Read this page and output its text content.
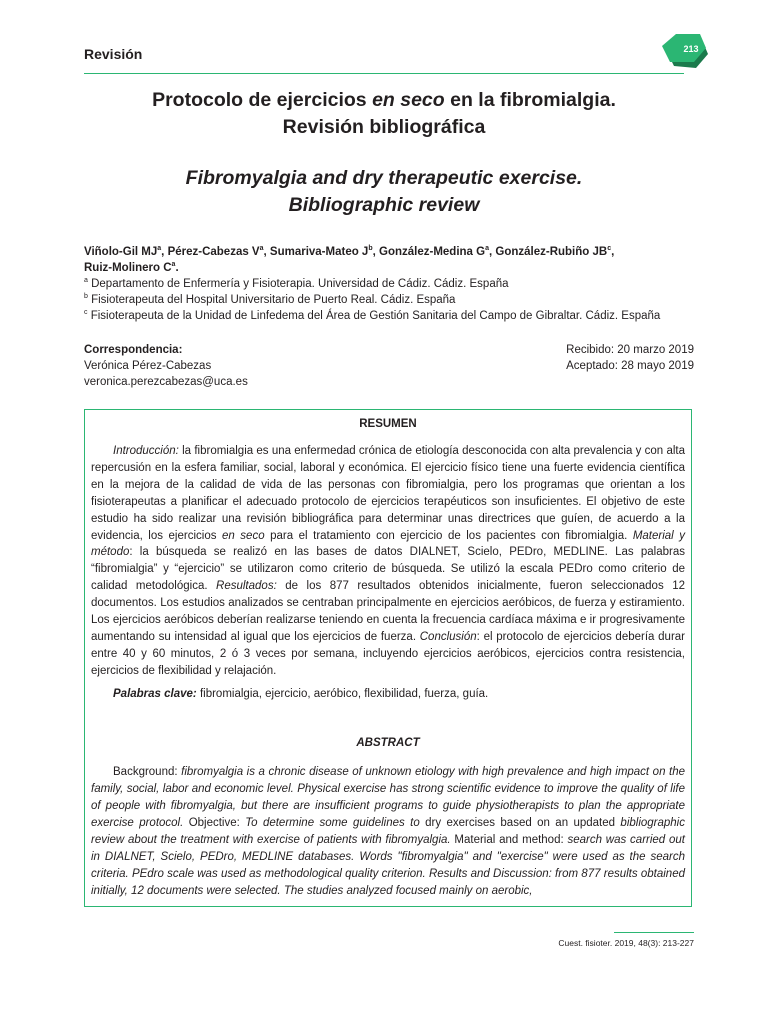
Revisión	213
Protocolo de ejercicios en seco en la fibromialgia.
Revisión bibliográfica
Fibromyalgia and dry therapeutic exercise.
Bibliographic review
Viñolo-Gil $MJ^a$, Pérez-Cabezas $V^a$, Sumariva-Mateo $J^b$, González-Medina $G^a$, González-Rubiño $JB^c$,
Ruiz-Molinero $C^a$.
$^a$ Departamento de Enfermería y Fisioterapia. Universidad de Cádiz. Cádiz. España
$^b$ Fisioterapeuta del Hospital Universitario de Puerto Real. Cádiz. España
$^c$ Fisioterapeuta de la Unidad de Linfedema del Área de Gestión Sanitaria del Campo de Gibraltar. Cádiz. España
Correspondencia:
Verónica Pérez-Cabezas
veronica.perezcabezas@uca.es
Recibido: 20 marzo 2019
Aceptado: 28 mayo 2019
RESUMEN

Introducción: la fibromialgia es una enfermedad crónica de etiología desconocida con alta prevalencia y con alta repercusión en la esfera familiar, social, laboral y económica. El ejercicio físico tiene una fuerte evidencia científica en la mejora de la calidad de vida de las personas con fibromialgia, pero los programas que orientan a los fisioterapeutas a planificar el adecuado protocolo de ejercicios terapéuticos son insuficientes. El objetivo de este estudio ha sido realizar una revisión bibliográfica para determinar unas directrices que guíen, de acuerdo a la evidencia, los ejercicios en seco para el tratamiento con ejercicio de los pacientes con fibromialgia. Material y método: la búsqueda se realizó en las bases de datos DIALNET, Scielo, PEDro, MEDLINE. Las palabras “fibromialgia” y “ejercicio” se utilizaron como criterio de búsqueda. Se utilizó la escala PEDro como criterio de calidad metodológica. Resultados: de los 877 resultados obtenidos inicialmente, fueron seleccionados 12 documentos. Los estudios analizados se centraban principalmente en ejercicios aeróbicos, de fuerza y estiramiento. Los ejercicios aeróbicos deberían realizarse teniendo en cuenta la frecuencia cardíaca máxima e ir progresivamente aumentando su intensidad al igual que los ejercicios de fuerza. Conclusión: el protocolo de ejercicios debería durar entre 40 y 60 minutos, 2 ó 3 veces por semana, incluyendo ejercicios aeróbicos, ejercicios contra resistencia, ejercicios de flexibilidad y relajación.

Palabras clave: fibromialgia, ejercicio, aeróbico, flexibilidad, fuerza, guía.

ABSTRACT

Background: fibromyalgia is a chronic disease of unknown etiology with high prevalence and high impact on the family, social, labor and economic level. Physical exercise has strong scientific evidence to improve the quality of life of people with fibromyalgia, but there are insufficient programs to guide physiotherapists to plan the appropriate exercise protocol. Objective: To determine some guidelines to dry exercises based on an updated bibliographic review about the treatment with exercise of patients with fibromyalgia. Material and method: search was carried out in DIALNET, Scielo, PEDro, MEDLINE databases. Words "fibromyalgia" and "exercise" were used as the search criteria. PEdro scale was used as methodological quality criterion. Results and Discussion: from 877 results obtained initially, 12 documents were selected. The studies analyzed focused mainly on aerobic,

Cuest. fisioter. 2019, 48(3): 213-227
